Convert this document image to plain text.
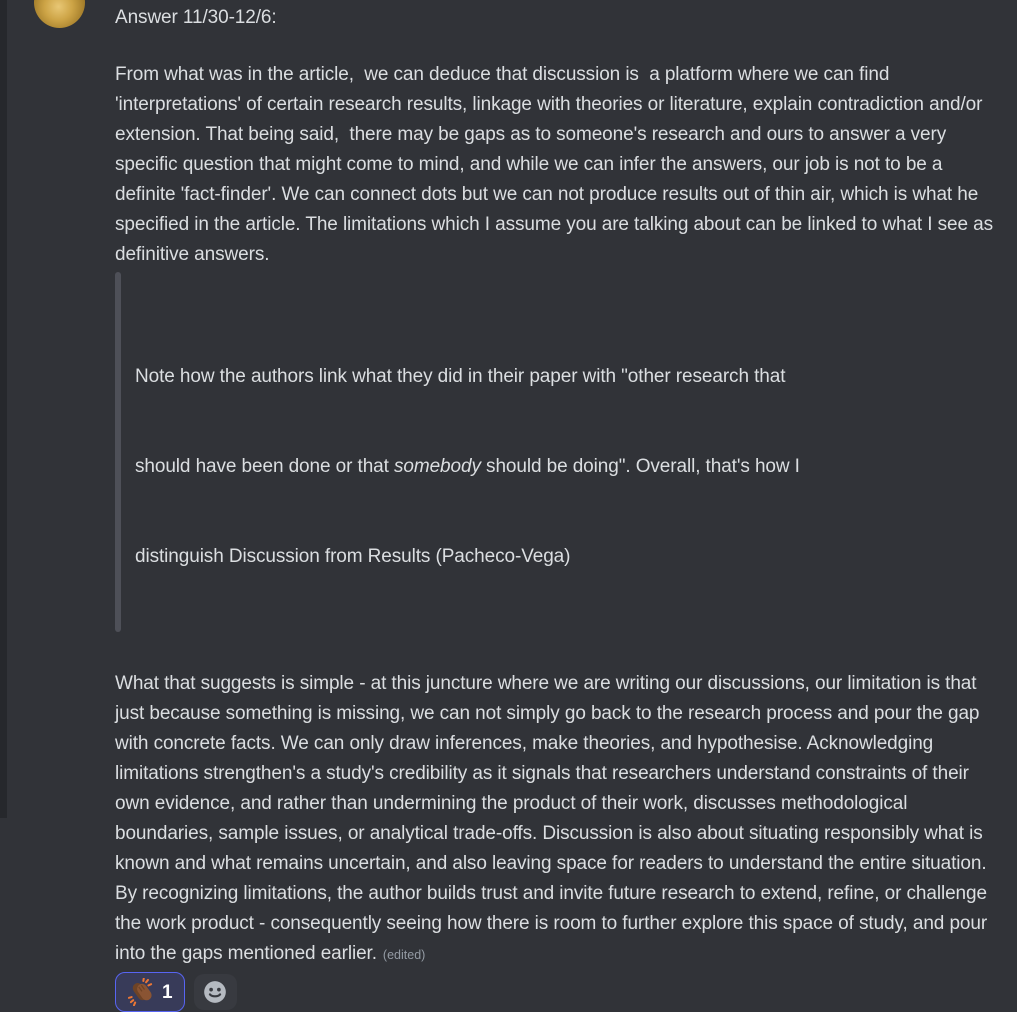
Answer 11/30-12/6:

From what was in the article,  we can deduce that discussion is  a platform where we can find 'interpretations' of certain research results, linkage with theories or literature, explain contradiction and/or extension. That being said,  there may be gaps as to someone's research and ours to answer a very specific question that might come to mind, and while we can infer the answers, our job is not to be a definite 'fact-finder'. We can connect dots but we can not produce results out of thin air, which is what he specified in the article. The limitations which I assume you are talking about can be linked to what I see as definitive answers.

Note how the authors link what they did in their paper with "other research that

should have been done or that somebody should be doing". Overall, that's how I

distinguish Discussion from Results (Pacheco-Vega)

What that suggests is simple - at this juncture where we are writing our discussions, our limitation is that just because something is missing, we can not simply go back to the research process and pour the gap with concrete facts. We can only draw inferences, make theories, and hypothesise. Acknowledging limitations strengthen's a study's credibility as it signals that researchers understand constraints of their own evidence, and rather than undermining the product of their work, discusses methodological boundaries, sample issues, or analytical trade-offs. Discussion is also about situating responsibly what is known and what remains uncertain, and also leaving space for readers to understand the entire situation. By recognizing limitations, the author builds trust and invite future research to extend, refine, or challenge the work product - consequently seeing how there is room to further explore this space of study, and pour into the gaps mentioned earlier. (edited)

1
